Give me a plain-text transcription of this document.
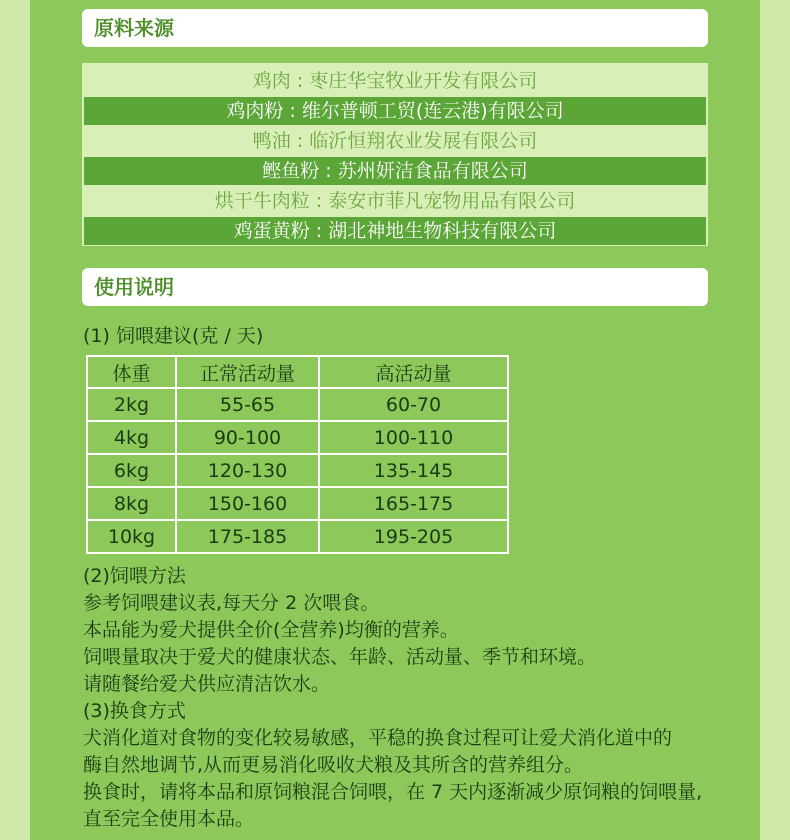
原料来源
鸡肉 : 枣庄华宝牧业开发有限公司
鸡肉粉 : 维尔普顿工贸(连云港)有限公司
鸭油 : 临沂恒翔农业发展有限公司
鲣鱼粉 : 苏州妍洁食品有限公司
烘干牛肉粒 : 泰安市菲凡宠物用品有限公司
鸡蛋黄粉 : 湖北神地生物科技有限公司
使用说明
(1) 饲喂建议(克 / 天)
体重	正常活动量	高活动量
2kg	55-65	60-70
4kg	90-100	100-110
6kg	120-130	135-145
8kg	150-160	165-175
10kg	175-185	195-205

(2)饲喂方法

参考饲喂建议表,每天分 2 次喂食。

本品能为爱犬提供全价(全营养)均衡的营养。

饲喂量取决于爱犬的健康状态、年龄、活动量、季节和环境。

请随餐给爱犬供应清洁饮水。

(3)换食方式

犬消化道对食物的变化较易敏感，平稳的换食过程可让爱犬消化道中的

酶自然地调节,从而更易消化吸收犬粮及其所含的营养组分。

换食时，请将本品和原饲粮混合饲喂，在 7 天内逐渐减少原饲粮的饲喂量,

直至完全使用本品。
